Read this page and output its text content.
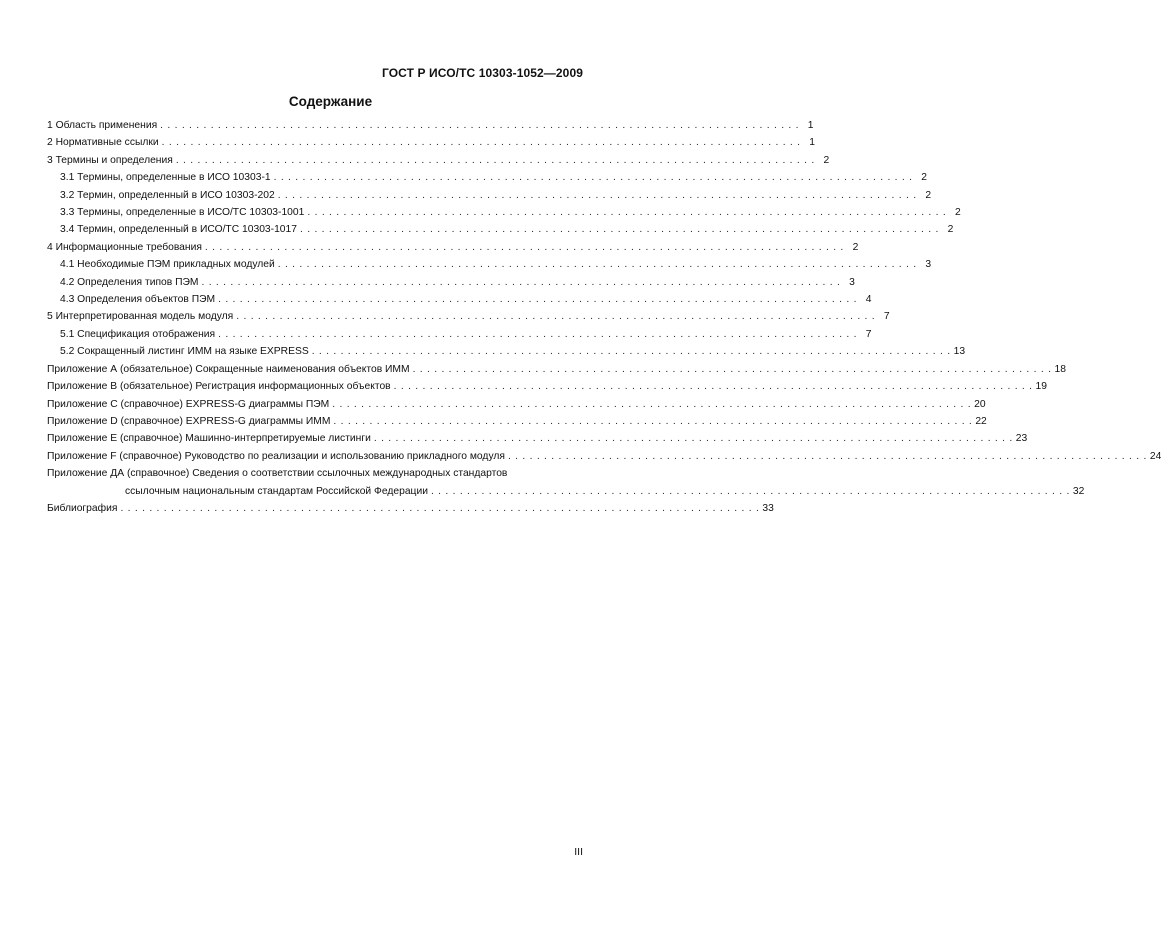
ГОСТ Р ИСО/ТС 10303-1052—2009
Содержание
1 Область применения . . .	1
2 Нормативные ссылки . . .	1
3 Термины и определения . . .	2
3.1 Термины, определенные в ИСО 10303-1 . . .	2
3.2 Термин, определенный в ИСО 10303-202 . . .	2
3.3 Термины, определенные в ИСО/ТС 10303-1001 . . .	2
3.4 Термин, определенный в ИСО/ТС 10303-1017 . . .	2
4 Информационные требования . . .	2
4.1 Необходимые ПЭМ прикладных модулей . . .	3
4.2 Определения типов ПЭМ . . .	3
4.3 Определения объектов ПЭМ . . .	4
5 Интерпретированная модель модуля . . .	7
5.1 Спецификация отображения . . .	7
5.2 Сокращенный листинг ИММ на языке EXPRESS . . .	13
Приложение А (обязательное) Сокращенные наименования объектов ИММ . . .	18
Приложение В (обязательное) Регистрация информационных объектов . . .	19
Приложение С (справочное) EXPRESS-G диаграммы ПЭМ . . .	20
Приложение D (справочное) EXPRESS-G диаграммы ИММ . . .	22
Приложение Е (справочное) Машинно-интерпретируемые листинги . . .	23
Приложение F (справочное) Руководство по реализации и использованию прикладного модуля . . .	24
Приложение ДА (справочное) Сведения о соответствии ссылочных международных стандартов
ссылочным национальным стандартам Российской Федерации . . .	32
Библиография . . .	33
III
